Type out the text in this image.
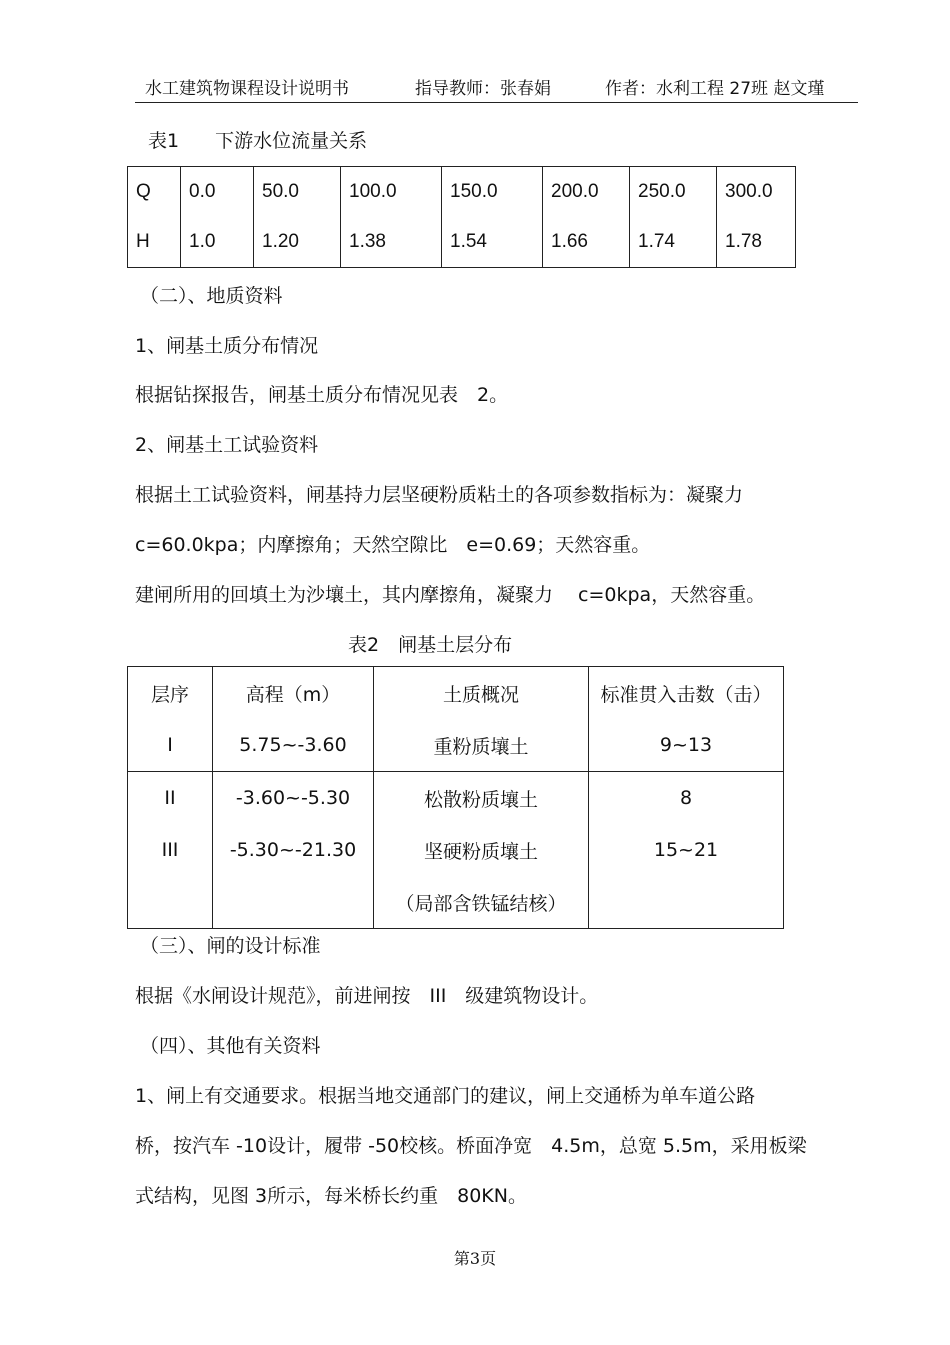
水工建筑物课程设计说明书	指导教师：张春娟	作者：水利工程 27班 赵文瑾
表1 下游水位流量关系
Q	0.0	50.0	100.0	150.0	200.0	250.0	300.0
H	1.0	1.20	1.38	1.54	1.66	1.74	1.78
（二）、地质资料
1、闸基土质分布情况
根据钻探报告，闸基土质分布情况见表　2。
2、闸基土工试验资料
根据土工试验资料，闸基持力层坚硬粉质粘土的各项参数指标为：凝聚力
c=60.0kpa；内摩擦角；天然空隙比　e=0.69；天然容重。
建闸所用的回填土为沙壤土，其内摩擦角，凝聚力　 c=0kpa，天然容重。
表2　闸基土层分布
层序	高程（m）	土质概况	标准贯入击数（击）
I	5.75~-3.60	重粉质壤土	9~13
II	-3.60~-5.30	松散粉质壤土	8
III	-5.30~-21.30	坚硬粉质壤土	15~21
		（局部含铁锰结核）	
（三）、闸的设计标准
根据《水闸设计规范》，前进闸按　III　级建筑物设计。
（四）、其他有关资料
1、闸上有交通要求。根据当地交通部门的建议，闸上交通桥为单车道公路
桥，按汽车 -10设计，履带 -50校核。桥面净宽　4.5m，总宽 5.5m，采用板梁
式结构，见图 3所示，每米桥长约重　80KN。
第3页
